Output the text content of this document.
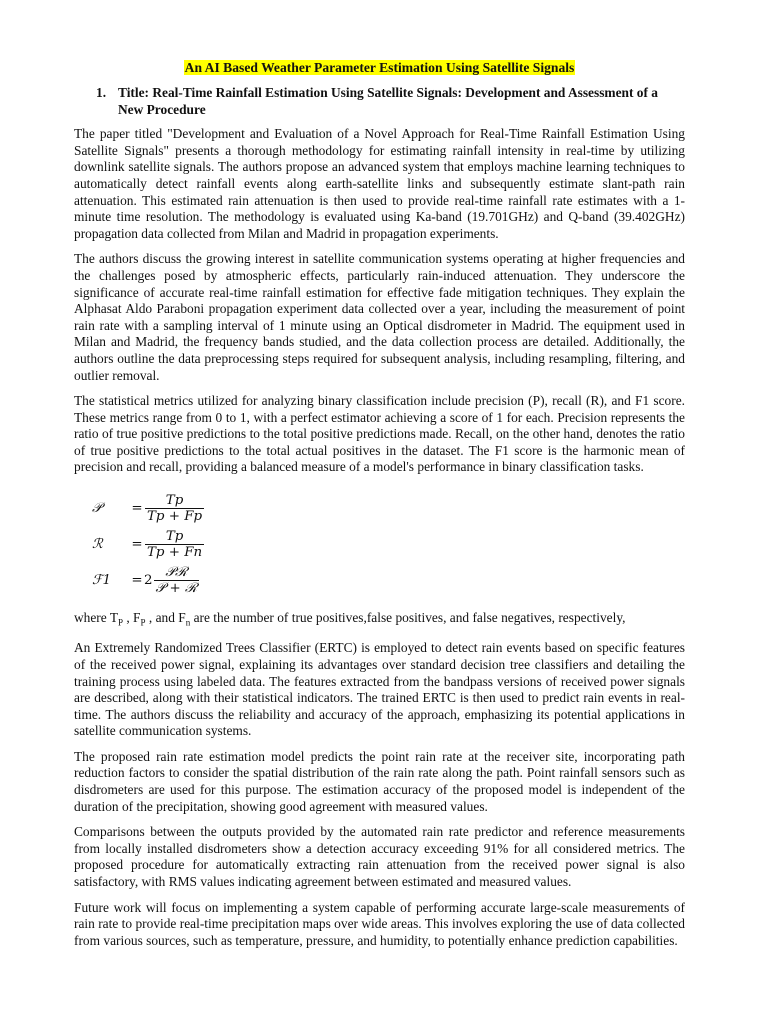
An AI Based Weather Parameter Estimation Using Satellite Signals
1. Title: Real-Time Rainfall Estimation Using Satellite Signals: Development and Assessment of a New Procedure

The paper titled "Development and Evaluation of a Novel Approach for Real-Time Rainfall Estimation Using Satellite Signals" presents a thorough methodology for estimating rainfall intensity in real-time by utilizing downlink satellite signals. The authors propose an advanced system that employs machine learning techniques to automatically detect rainfall events along earth-satellite links and subsequently estimate slant-path rain attenuation. This estimated rain attenuation is then used to provide real-time rainfall rate estimates with a 1-minute time resolution. The methodology is evaluated using Ka-band (19.701GHz) and Q-band (39.402GHz) propagation data collected from Milan and Madrid in propagation experiments.

The authors discuss the growing interest in satellite communication systems operating at higher frequencies and the challenges posed by atmospheric effects, particularly rain-induced attenuation. They underscore the significance of accurate real-time rainfall estimation for effective fade mitigation techniques. They explain the Alphasat Aldo Paraboni propagation experiment data collected over a year, including the measurement of point rain rate with a sampling interval of 1 minute using an Optical disdrometer in Madrid. The equipment used in Milan and Madrid, the frequency bands studied, and the data collection process are detailed. Additionally, the authors outline the data preprocessing steps required for subsequent analysis, including resampling, filtering, and outlier removal.

The statistical metrics utilized for analyzing binary classification include precision (P), recall (R), and F1 score. These metrics range from 0 to 1, with a perfect estimator achieving a score of 1 for each. Precision represents the ratio of true positive predictions to the total positive predictions made. Recall, on the other hand, denotes the ratio of true positive predictions to the total actual positives in the dataset. The F1 score is the harmonic mean of precision and recall, providing a balanced measure of a model's performance in binary classification tasks.

𝒫	= $\frac{Tp}{Tp + Fp}$
ℛ	= $\frac{Tp}{Tp + Fn}$
ℱ1	= $2 \frac{\text{𝒫ℛ}}{\text{𝒫 + ℛ}}$
where $T_P$ , $F_P$ , and $F_n$ are the number of true positives,false positives, and false negatives, respectively,

An Extremely Randomized Trees Classifier (ERTC) is employed to detect rain events based on specific features of the received power signal, explaining its advantages over standard decision tree classifiers and detailing the training process using labeled data. The features extracted from the bandpass versions of received power signals are described, along with their statistical indicators. The trained ERTC is then used to predict rain events in real-time. The authors discuss the reliability and accuracy of the approach, emphasizing its potential applications in satellite communication systems.

The proposed rain rate estimation model predicts the point rain rate at the receiver site, incorporating path reduction factors to consider the spatial distribution of the rain rate along the path. Point rainfall sensors such as disdrometers are used for this purpose. The estimation accuracy of the proposed model is independent of the duration of the precipitation, showing good agreement with measured values.

Comparisons between the outputs provided by the automated rain rate predictor and reference measurements from locally installed disdrometers show a detection accuracy exceeding 91% for all considered metrics. The proposed procedure for automatically extracting rain attenuation from the received power signal is also satisfactory, with RMS values indicating agreement between estimated and measured values.

Future work will focus on implementing a system capable of performing accurate large-scale measurements of rain rate to provide real-time precipitation maps over wide areas. This involves exploring the use of data collected from various sources, such as temperature, pressure, and humidity, to potentially enhance prediction capabilities.
